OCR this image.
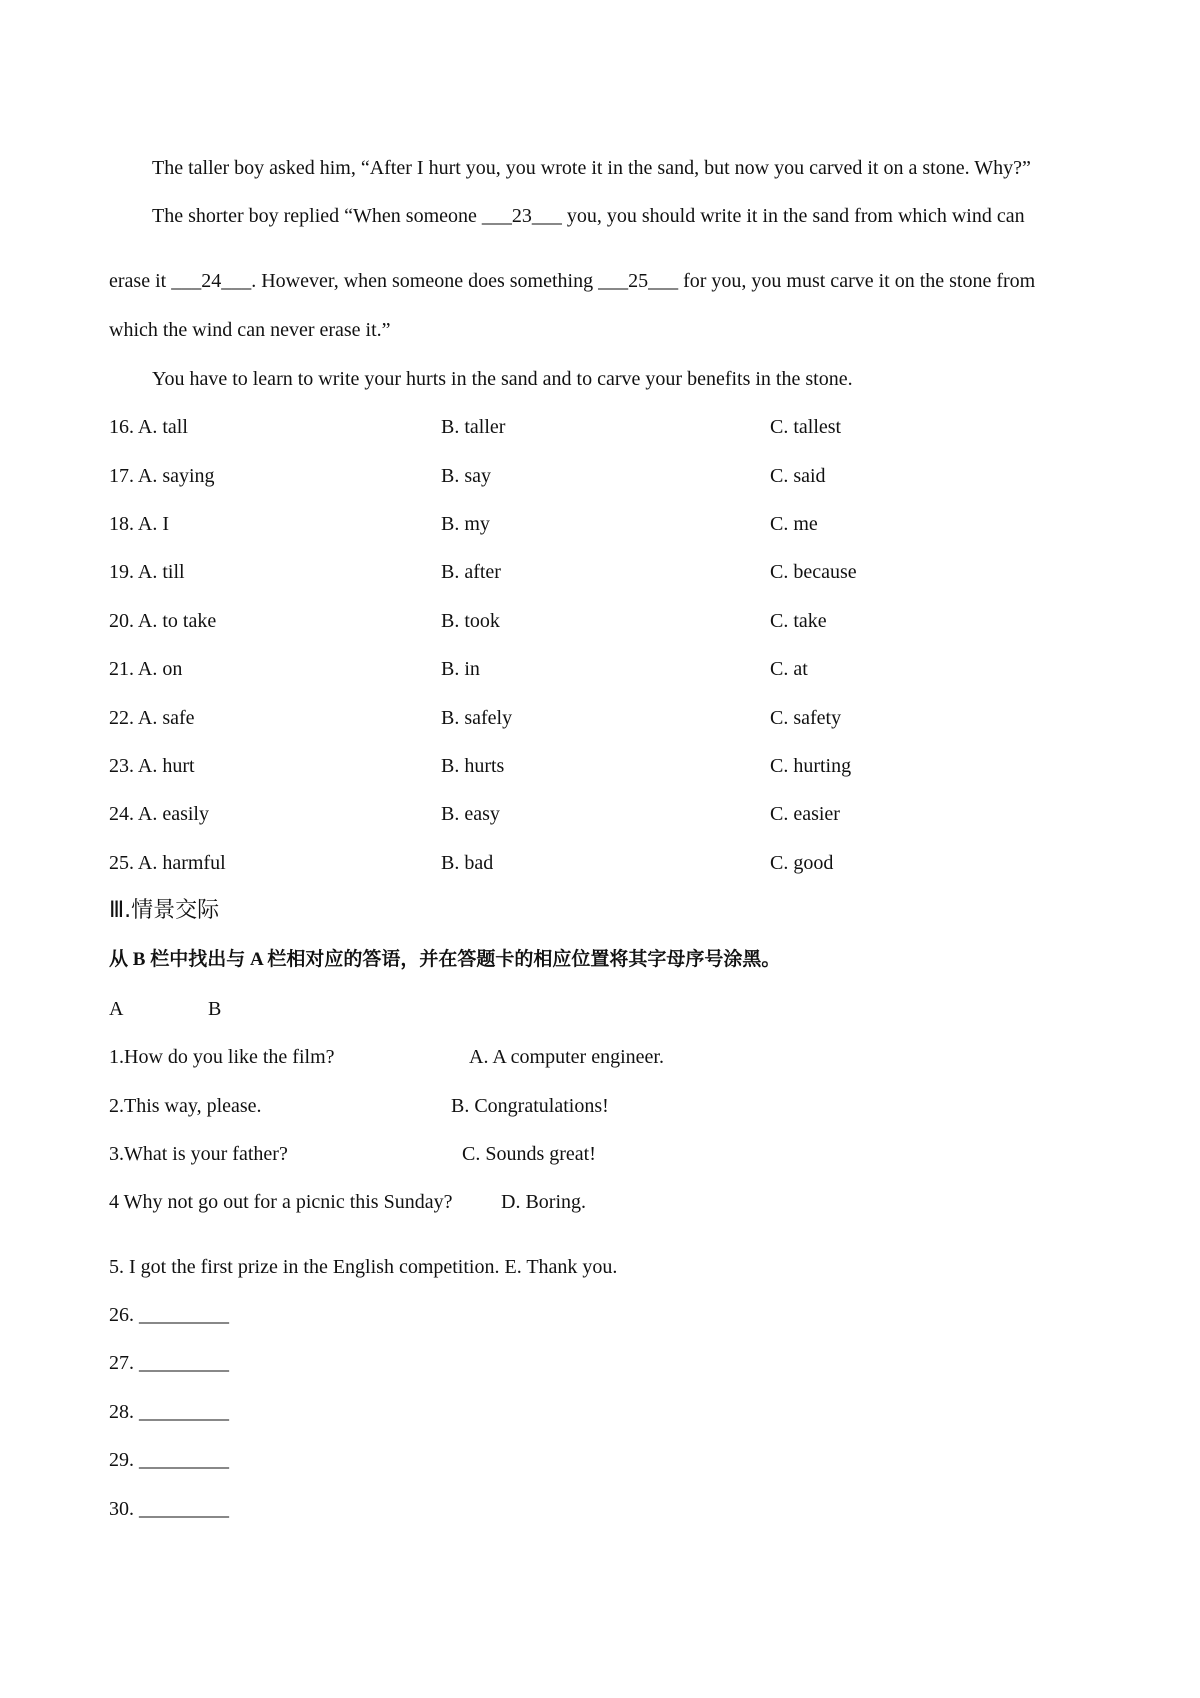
The taller boy asked him, “After I hurt you, you wrote it in the sand, but now you carved it on a stone. Why?”
The shorter boy replied “When someone ___23___ you, you should write it in the sand from which wind can
erase it ___24___. However, when someone does something ___25___ for you, you must carve it on the stone from
which the wind can never erase it.”
You have to learn to write your hurts in the sand and to carve your benefits in the stone.
16. A. tall	B. taller	C. tallest
17. A. saying	B. say	C. said
18. A. I	B. my	C. me
19. A. till	B. after	C. because
20. A. to take	B. took	C. take
21. A. on	B. in	C. at
22. A. safe	B. safely	C. safety
23. A. hurt	B. hurts	C. hurting
24. A. easily	B. easy	C. easier
25. A. harmful	B. bad	C. good
Ⅲ.情景交际
从 B 栏中找出与 A 栏相对应的答语，并在答题卡的相应位置将其字母序号涂黑。
A	B
1.How do you like the film?	A. A computer engineer.
2.This way, please.	B. Congratulations!
3.What is your father?	C. Sounds great!
4 Why not go out for a picnic this Sunday? D. Boring.
5. I got the first prize in the English competition. E. Thank you.
26. _________
27. _________
28. _________
29. _________
30. _________
